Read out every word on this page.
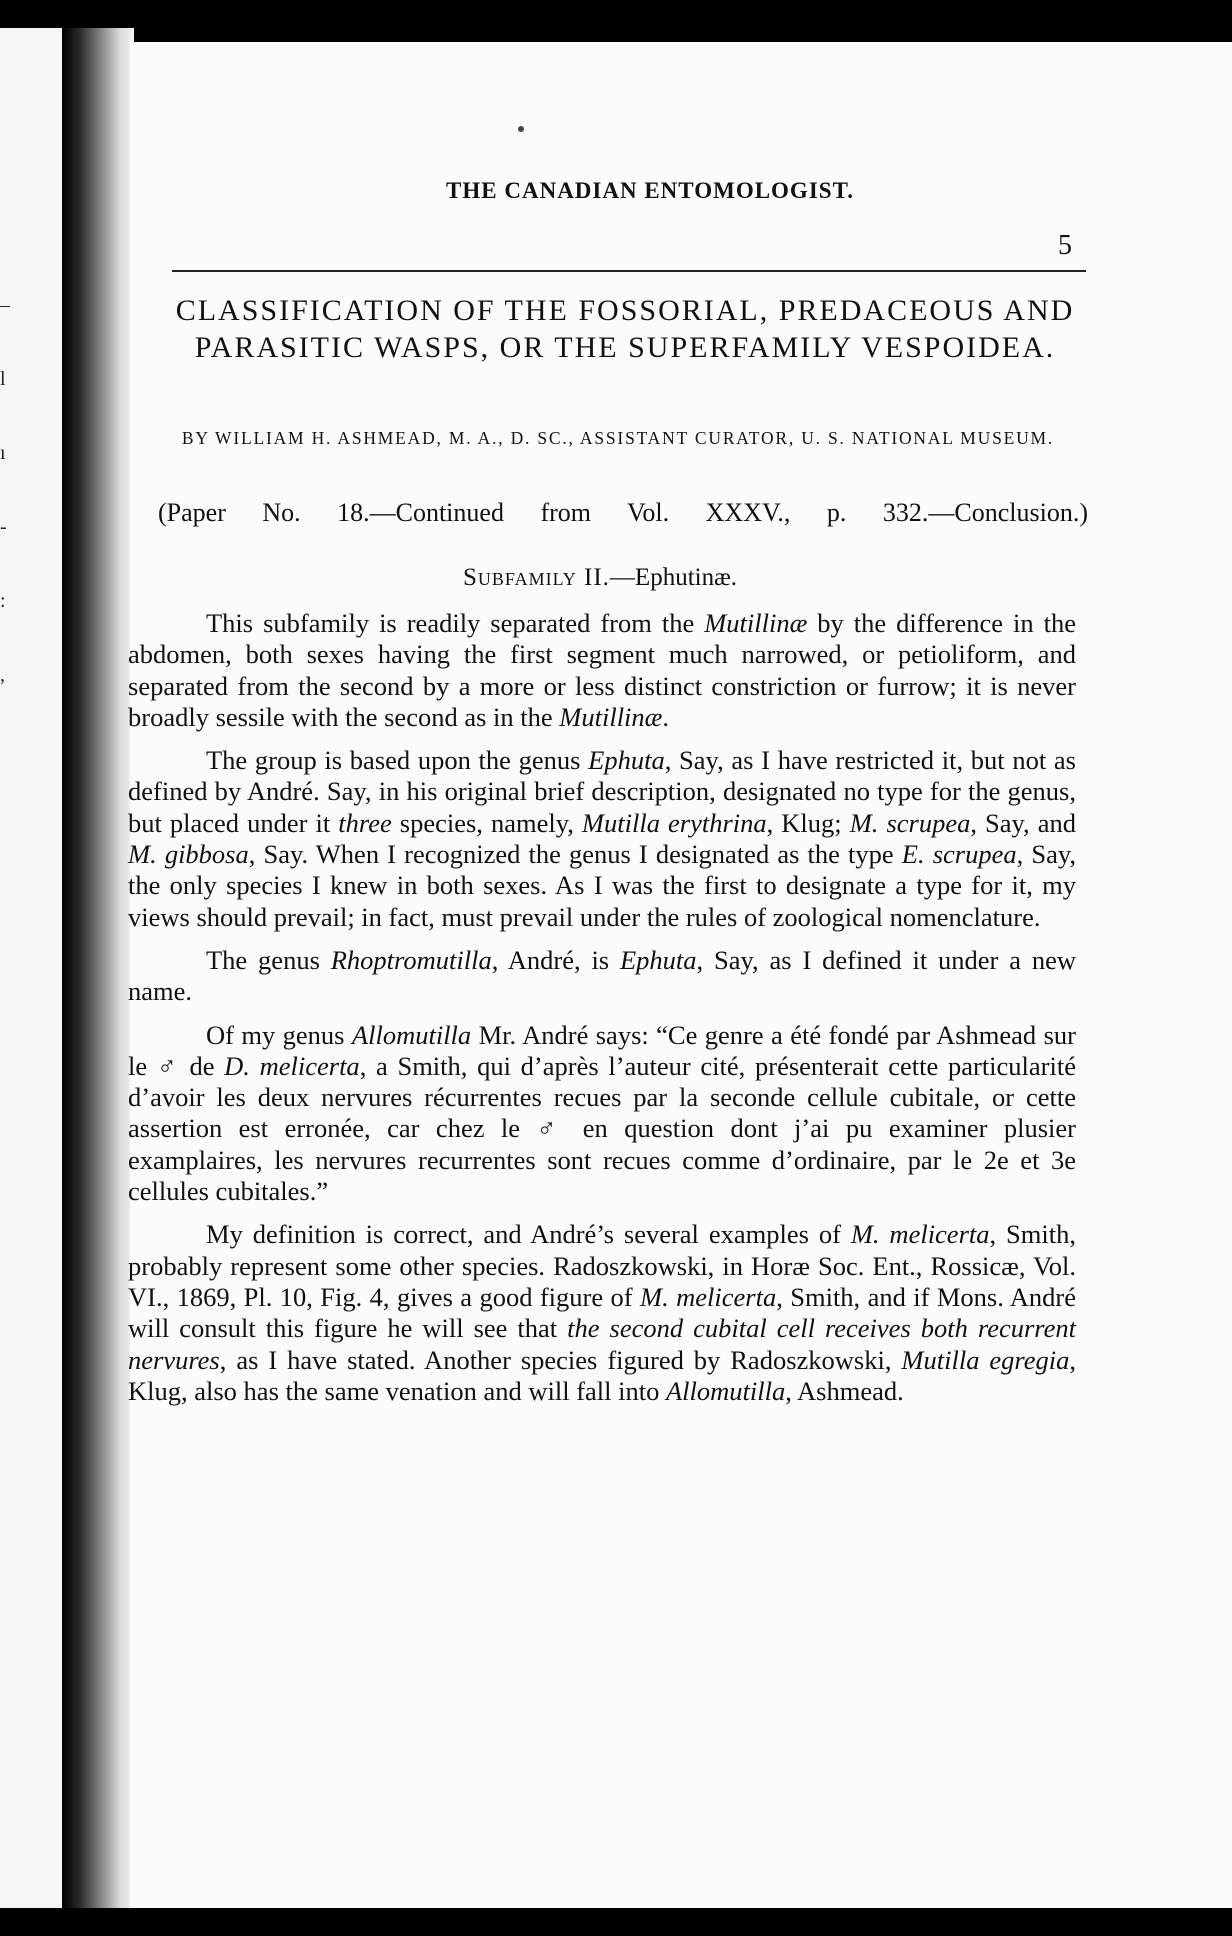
–
l
ı
-
:
,
THE CANADIAN ENTOMOLOGIST.
5
CLASSIFICATION OF THE FOSSORIAL, PREDACEOUS AND PARASITIC WASPS, OR THE SUPERFAMILY VESPOIDEA.
BY WILLIAM H. ASHMEAD, M. A., D. SC., ASSISTANT CURATOR, U. S. NATIONAL MUSEUM.
(Paper No. 18.—Continued from Vol. XXXV., p. 332.—Conclusion.)
Subfamily II.—Ephutinæ.

This subfamily is readily separated from the Mutillinæ by the difference in the abdomen, both sexes having the first segment much narrowed, or petioliform, and separated from the second by a more or less distinct constriction or furrow; it is never broadly sessile with the second as in the Mutillinæ.

The group is based upon the genus Ephuta, Say, as I have restricted it, but not as defined by André. Say, in his original brief description, designated no type for the genus, but placed under it three species, namely, Mutilla erythrina, Klug; M. scrupea, Say, and M. gibbosa, Say. When I recognized the genus I designated as the type E. scrupea, Say, the only species I knew in both sexes. As I was the first to designate a type for it, my views should prevail; in fact, must prevail under the rules of zoological nomenclature.

The genus Rhoptromutilla, André, is Ephuta, Say, as I defined it under a new name.

Of my genus Allomutilla Mr. André says: “Ce genre a été fondé par Ashmead sur le ♂ de D. melicerta, a Smith, qui d’après l’auteur cité, présenterait cette particularité d’avoir les deux nervures récurrentes recues par la seconde cellule cubitale, or cette assertion est erronée, car chez le ♂ en question dont j’ai pu examiner plusier examplaires, les nervures recurrentes sont recues comme d’ordinaire, par le 2e et 3e cellules cubitales.”

My definition is correct, and André’s several examples of M. melicerta, Smith, probably represent some other species. Radoszkowski, in Horæ Soc. Ent., Rossicæ, Vol. VI., 1869, Pl. 10, Fig. 4, gives a good figure of M. melicerta, Smith, and if Mons. André will consult this figure he will see that the second cubital cell receives both recurrent nervures, as I have stated. Another species figured by Radoszkowski, Mutilla egregia, Klug, also has the same venation and will fall into Allomutilla, Ashmead.
